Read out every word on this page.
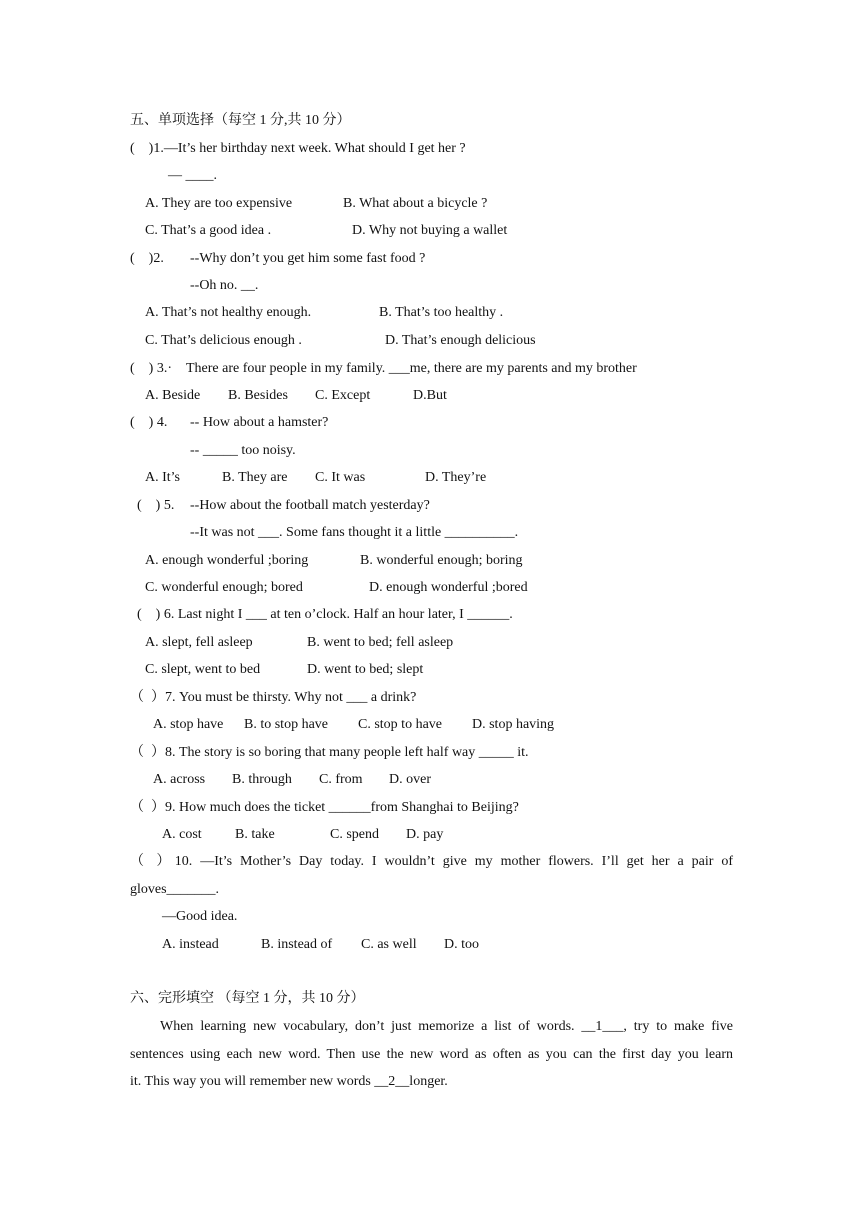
五、单项选择（每空 1 分,共 10 分）
(    )1.—It’s her birthday next week. What should I get her ?
— ____.
A. They are too expensive	B. What about a bicycle ?
C. That’s a good idea .	D. Why not buying a wallet
(    )2. --Why don’t you get him some fast food ?
--Oh no. __.
A. That’s not healthy enough.	B. That’s too healthy .
C. That’s delicious enough .	D. That’s enough delicious
(    ) 3.· There are four people in my family. ___me, there are my parents and my brother
A. Beside B. Besides C. Except	D.But
(    ) 4. -- How about a hamster?
-- _____ too noisy.
A. It’s	B. They are C. It was	D. They’re
(    ) 5. --How about the football match yesterday?
--It was not ___. Some fans thought it a little __________.
A. enough wonderful ;boring	B. wonderful enough; boring
C. wonderful enough; bored	D. enough wonderful ;bored
(    ) 6. Last night I ___ at ten o’clock. Half an hour later, I ______.
A. slept, fell asleep	B. went to bed; fell asleep
C. slept, went to bed	D. went to bed; slept
（  ）7. You must be thirsty. Why not ___ a drink?
A. stop have B. to stop have C. stop to have D. stop having
（  ）8. The story is so boring that many people left half way _____ it.
A. across B. through C. from D. over
（  ）9. How much does the ticket ______from Shanghai to Beijing?
A. cost B. take	C. spend D. pay
（ ）10. —It’s Mother’s Day today. I wouldn’t give my mother flowers. I’ll get her a pair of
gloves_______.
—Good idea.
A. instead	B. instead of C. as well D. too
六、完形填空 （每空 1 分，共 10 分）
When learning new vocabulary, don’t just memorize a list of words. __1___, try to make five
sentences using each new word. Then use the new word as often as you can the first day you learn
it. This way you will remember new words __2__longer.
